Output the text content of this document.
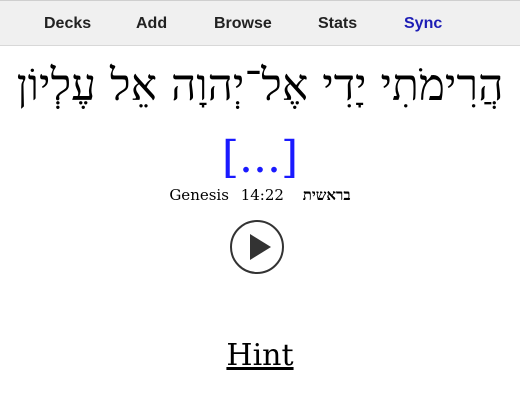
Decks	Add	Browse	Stats	Sync
הֲרִימֹתִי יָדִי אֶל־יְהוָה אֵל עֶלְיוֹן
[...]
Genesis 14:22 בראשית
Hint
